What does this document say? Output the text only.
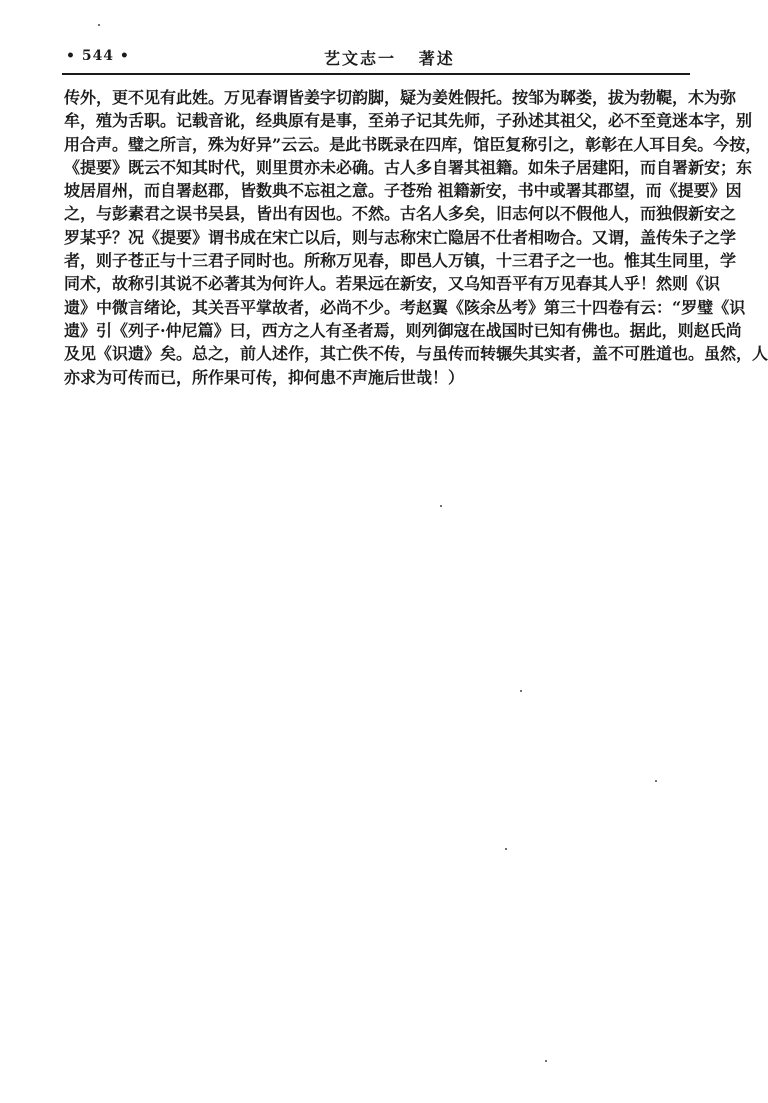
• 544 •	艺文志一   著述
传外，更不见有此姓。万见春谓皆姜字切韵脚，疑为姜姓假托。按邹为郰娄，拔为勃鞮，木为弥
牟，殖为舌职。记载音讹，经典原有是事，至弟子记其先师，子孙述其祖父，必不至竟迷本字，别
用合声。璧之所言，殊为好异”云云。是此书既录在四库，馆臣复称引之，彰彰在人耳目矣。今按，
《提要》既云不知其时代，则里贯亦未必确。古人多自署其祖籍。如朱子居建阳，而自署新安；东
坡居眉州，而自署赵郡，皆数典不忘祖之意。子苍殆 祖籍新安，书中或署其郡望，而《提要》因
之，与彭素君之误书吴县，皆出有因也。不然。古名人多矣，旧志何以不假他人，而独假新安之
罗某乎？况《提要》谓书成在宋亡以后，则与志称宋亡隐居不仕者相吻合。又谓，盖传朱子之学
者，则子苍正与十三君子同时也。所称万见春，即邑人万镇，十三君子之一也。惟其生同里，学
同术，故称引其说不必著其为何许人。若果远在新安，又乌知吾平有万见春其人乎！然则《识
遗》中微言绪论，其关吾平掌故者，必尚不少。考赵翼《陔余丛考》第三十四卷有云：“罗璧《识
遗》引《列子·仲尼篇》曰，西方之人有圣者焉，则列御寇在战国时已知有佛也。据此，则赵氏尚
及见《识遗》矣。总之，前人述作，其亡佚不传，与虽传而转辗失其实者，盖不可胜道也。虽然，人
亦求为可传而已，所作果可传，抑何患不声施后世哉！）
